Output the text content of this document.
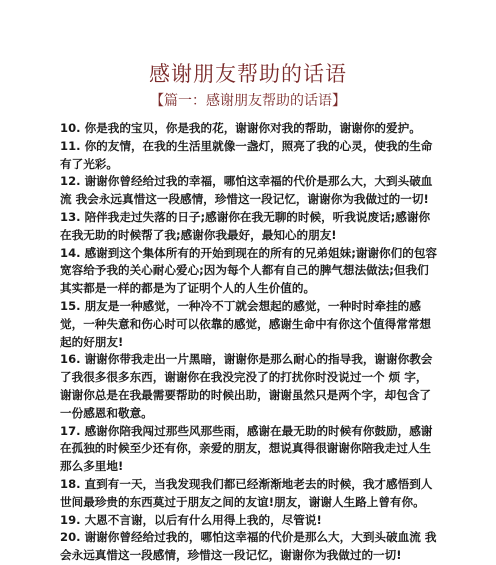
感谢朋友帮助的话语
【篇一：感谢朋友帮助的话语】

10. 你是我的宝贝，你是我的花，谢谢你对我的帮助，谢谢你的爱护。

11. 你的友情，在我的生活里就像一盏灯，照亮了我的心灵，使我的生命有了光彩。

12. 谢谢你曾经给过我的幸福，哪怕这幸福的代价是那么大，大到头破血流 我会永远真惜这一段感情，珍惜这一段记忆，谢谢你为我做过的一切!

13. 陪伴我走过失落的日子;感谢你在我无聊的时候，听我说废话;感谢你在我无助的时候帮了我;感谢你我最好，最知心的朋友!

14. 感谢到这个集体所有的开始到现在的所有的兄弟姐妹;谢谢你们的包容宽容给予我的关心耐心爱心;因为每个人都有自己的脾气想法做法;但我们其实都是一样的都是为了证明个人的人生价值的。

15. 朋友是一种感觉，一种冷不丁就会想起的感觉，一种时时牵挂的感觉，一种失意和伤心时可以依靠的感觉，感谢生命中有你这个值得常常想起的好朋友!

16. 谢谢你带我走出一片黑暗，谢谢你是那么耐心的指导我，谢谢你教会了我很多很多东西，谢谢你在我没完没了的打扰你时没说过一个 烦 字，谢谢你总是在我最需要帮助的时候出助，谢谢虽然只是两个字，却包含了一份感恩和敬意。

17. 感谢你陪我闯过那些风那些雨，感谢在最无助的时候有你鼓励，感谢在孤独的时候至少还有你，亲爱的朋友，想说真得很谢谢你陪我走过人生那么多里地!

18. 直到有一天，当我发现我们都已经渐渐地老去的时候，我才感悟到人世间最珍贵的东西莫过于朋友之间的友谊!朋友，谢谢人生路上曾有你。

19. 大恩不言谢，以后有什么用得上我的，尽管说!

20. 谢谢你曾经给过我的，哪怕这幸福的代价是那么大，大到头破血流 我会永远真惜这一段感情，珍惜这一段记忆，谢谢你为我做过的一切!
